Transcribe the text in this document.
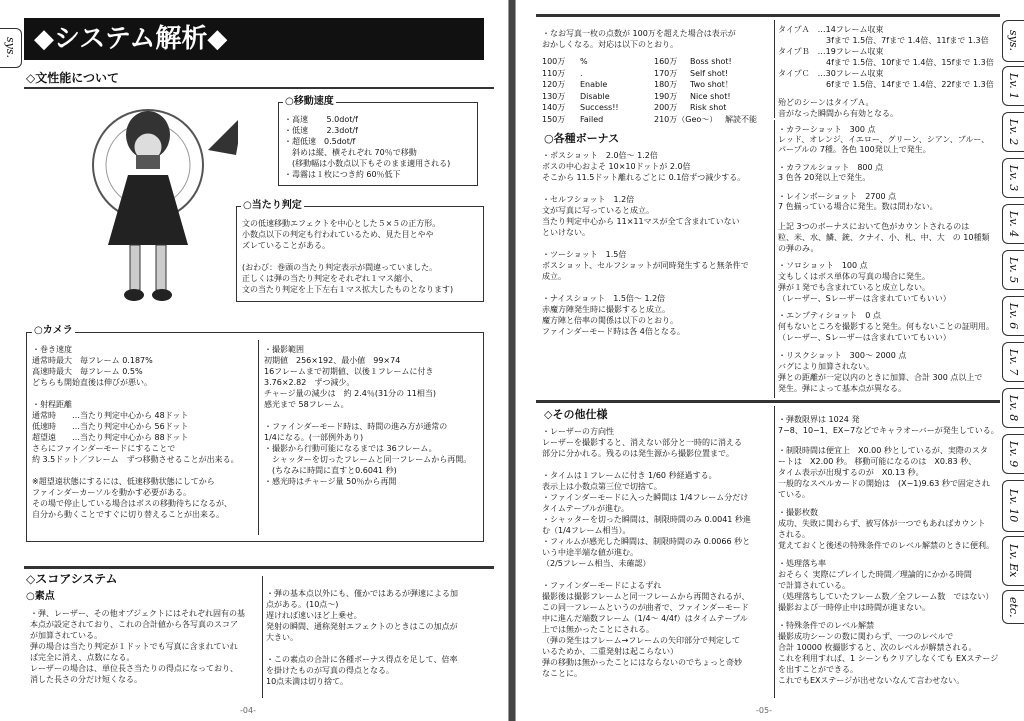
sys. ◆システム解析◆
◇文性能について
○移動速度
・高速　　 5.0dot/f
・低速　　 2.3dot/f
・超低速　0.5dot/f
　斜めは縦、横それぞれ 70％で移動
　(移動幅は小数点以下もそのまま適用される)
・毒霧は１枚につき約 60％低下
○当たり判定
文の低速移動エフェクトを中心とした５×５の正方形。
小数点以下の判定も行われているため、見た目とやや
ズレていることがある。
(おわび：巻頭の当たり判定表示が間違っていました。
正しくは弾の当たり判定をそれぞれ１マス縮小、
文の当たり判定を上下左右１マス拡大したものとなります)
○カメラ
・巻き速度
通常時最大　毎フレーム 0.187%
高速時最大　毎フレーム 0.5%
どちらも開始直後は伸びが悪い。
・射程距離
通常時　　…当たり判定中心から 48ドット
低速時　　…当たり判定中心から 56ドット
超望遠　　…当たり判定中心から 88ドット
さらにファインダーモードにすることで
約 3.5ドット／フレーム　ずつ移動させることが出来る。
※超望遠状態にするには、低速移動状態にしてから
ファインダーカーソルを動かす必要がある。
その場で停止している場合はボスの移動待ちになるが、
自分から動くことですぐに切り替えることが出来る。
・撮影範囲
初期値　256×192、最小値　99×74
16フレームまで初期値、以後１フレームに付き
3.76×2.82　ずつ減少。
チャージ量の減少は　約 2.4％(31分の 11相当)
感光まで 58フレーム。
・ファインダーモード時は、時間の進み方が通常の
1/4になる。(一部例外あり)
・撮影から行動可能になるまでは 36フレーム。
　シャッターを切ったフレームと同一フレームから再開。
　(ちなみに時間に直すと0.6041 秒)
・感光時はチャージ量 50％から再開
◇スコアシステム
○素点
・弾、レーザー、その他オブジェクトにはそれぞれ固有の基
本点が設定されており、これの合計値から各写真のスコア
が加算されている。
弾の場合は当たり判定が１ドットでも写真に含まれていれ
ば完全に消え、点数になる。
レーザーの場合は、単位長さ当たりの得点になっており、
消した長さの分だけ短くなる。
・弾の基本点以外にも、僅かではあるが弾速による加
点がある。(10点～)
遅ければ速いほど上乗せ。
発射の瞬間、通称発射エフェクトのときはこの加点が
大きい。
・この素点の合計に各種ボーナス得点を足して、倍率
を掛けたものが写真の得点となる。
10点未満は切り捨て。
-04-
・なお写真一枚の点数が 100万を超えた場合は表示が
おかしくなる。対応は以下のとおり。
100万 %	160万 Boss shot!
110万 .	170万 Self shot!
120万 Enable	180万 Two shot！
130万 Disable	190万 Nice shot!
140万 Success!!	200万 Risk shot
150万 Failed	210万（Geo～） 解読不能
タイプＡ　…14フレーム収束
　　　　　　3fまで 1.5倍、7fまで 1.4倍、11fまで 1.3倍
タイプＢ　…19フレーム収束
　　　　　　4fまで 1.5倍、10fまで 1.4倍、15fまで 1.3倍
タイプＣ　…30フレーム収束
　　　　　　6fまで 1.5倍、14fまで 1.4倍、22fまで 1.3倍
殆どのシーンはタイプＡ。
音がなった瞬間から有効となる。
○各種ボーナス
・ボスショット　2.0倍～ 1.2倍
ボスの中心およそ 10×10ドットが 2.0倍
そこから 11.5ドット離れるごとに 0.1倍ずつ減少する。
・セルフショット　1.2倍
文が写真に写っていると成立。
当たり判定中心から 11×11マスが全て含まれていない
といけない。
・ツーショット　1.5倍
ボスショット、セルフショットが同時発生すると無条件で
成立。
・ナイスショット　1.5倍～ 1.2倍
赤魔方陣発生時に撮影すると成立。
魔方陣と倍率の関係は以下のとおり。
ファインダーモード時は各 4倍となる。
・カラーショット　300 点
レッド、オレンジ、イエロー、グリーン、シアン、ブルー、
パープルの 7種。各色 100発以上で発生。
・カラフルショット　800 点
3 色各 20発以上で発生。
・レインボーショット　2700 点
7 色揃っている場合に発生。数は問わない。
上記 3つのボーナスにおいて色がカウントされるのは
粒、米、水、鱗、銃、クナイ、小、札、中、大　の 10種類
の弾のみ。
・ソロショット　100 点
文もしくはボス単体の写真の場合に発生。
弾が１発でも含まれていると成立しない。
（レーザー、Sレーザーは含まれていてもいい）
・エンプティショット　0 点
何もないところを撮影すると発生。何もないことの証明用。
（レーザー、Sレーザーは含まれていてもいい）
・リスクショット　300～ 2000 点
バグにより加算されない。
弾との距離が一定以内のときに加算、合計 300 点以上で
発生。弾によって基本点が異なる。
◇その他仕様
・レーザーの方向性
レーザーを撮影すると、消えない部分と一時的に消える
部分に分かれる。残るのは発生源から撮影位置まで。
・タイムは１フレームに付き 1/60 秒経過する。
表示上は小数点第三位で切捨て。
・ファインダーモードに入った瞬間は 1/4フレーム分だけ
タイムテーブルが進む。
・シャッターを切った瞬間は、制限時間のみ 0.0041 秒進
む（1/4フレーム相当）。
・フィルムが感光した瞬間は、制限時間のみ 0.0066 秒と
いう中途半端な値が進む。
（2/5フレーム相当、未確認）
・ファインダーモードによるずれ
撮影後は撮影フレームと同一フレームから再開されるが、
この同一フレームというのが曲者で、ファインダーモード
中に進んだ端数フレーム（1/4～ 4/4f）はタイムテーブル
上では無かったことにされる。
（弾の発生はフレーム→フレームの矢印部分で判定して
いるためか、二重発射は起こらない）
弾の移動は無かったことにはならないのでちょっと奇妙
なことに。
・弾数限界は 1024 発
7−8、10−1、EX−7などでキャラオーバーが発生している。
・制限時間は便宜上　X0.00 秒としているが、実際のスタ
ートは　X2.00 秒。 移動可能になるのは　X0.83 秒、
タイム表示が出現するのが　X0.13 秒。
一般的なスペルカードの開始は　(X−1)9.63 秒で固定され
ている。
・撮影枚数
成功、失敗に関わらず、被写体が一つでもあればカウント
される。
覚えておくと後述の特殊条件でのレベル解禁のときに便利。
・処理落ち率
おそらく 実際にプレイした時間／理論的にかかる時間
で計算されている。
（処理落ちしていたフレーム数／全フレーム数　ではない）
撮影および一時停止中は時間が進まない。
・特殊条件でのレベル解禁
撮影成功シーンの数に関わらず、一つのレベルで
合計 10000 枚撮影すると、次のレベルが解禁される。
これを利用すれば、1 シーンもクリアしなくても EXステージ
を出すことができる。
これでもEXステージが出せないなんて言わせない。
-05-
sys.
Lv. 1
Lv. 2
Lv. 3
Lv. 4
Lv. 5
Lv. 6
Lv. 7
Lv. 8
Lv. 9
Lv. 10
Lv. Ex
etc.
